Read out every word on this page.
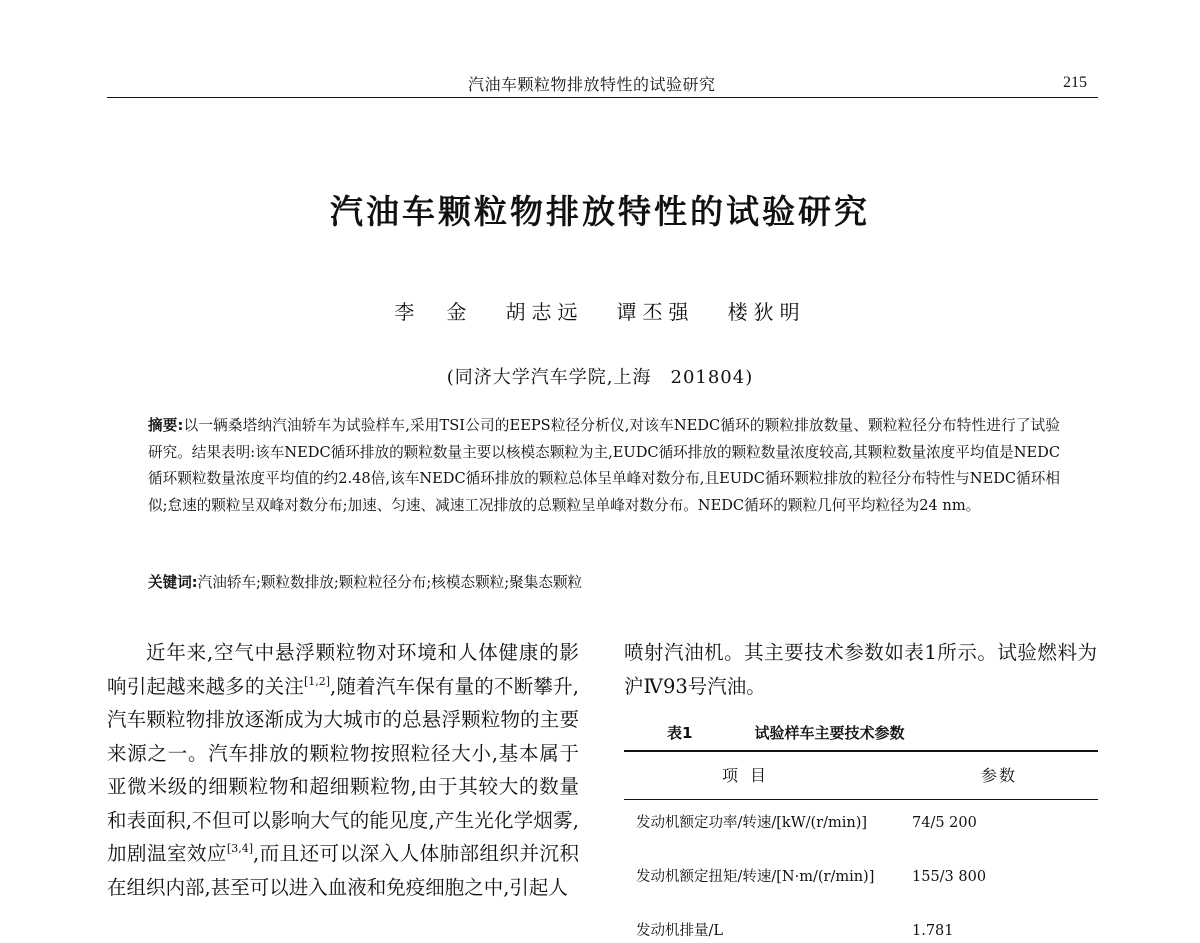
汽油车颗粒物排放特性的试验研究	215
汽油车颗粒物排放特性的试验研究
李　金 胡志远 谭丕强 楼狄明
(同济大学汽车学院,上海　201804)
摘要:以一辆桑塔纳汽油轿车为试验样车,采用TSI公司的EEPS粒径分析仪,对该车NEDC循环的颗粒排放数量、颗粒粒径分布特性进行了试验研究。结果表明:该车NEDC循环排放的颗粒数量主要以核模态颗粒为主,EUDC循环排放的颗粒数量浓度较高,其颗粒数量浓度平均值是NEDC循环颗粒数量浓度平均值的约2.48倍,该车NEDC循环排放的颗粒总体呈单峰对数分布,且EUDC循环颗粒排放的粒径分布特性与NEDC循环相似;怠速的颗粒呈双峰对数分布;加速、匀速、减速工况排放的总颗粒呈单峰对数分布。NEDC循环的颗粒几何平均粒径为24 nm。
关键词:汽油轿车;颗粒数排放;颗粒粒径分布;核模态颗粒;聚集态颗粒
近年来,空气中悬浮颗粒物对环境和人体健康的影响引起越来越多的关注[1,2],随着汽车保有量的不断攀升,汽车颗粒物排放逐渐成为大城市的总悬浮颗粒物的主要来源之一。汽车排放的颗粒物按照粒径大小,基本属于亚微米级的细颗粒物和超细颗粒物,由于其较大的数量和表面积,不但可以影响大气的能见度,产生光化学烟雾,加剧温室效应[3,4],而且还可以深入人体肺部组织并沉积在组织内部,甚至可以进入血液和免疫细胞之中,引起人
喷射汽油机。其主要技术参数如表1所示。试验燃料为沪Ⅳ93号汽油。
表1	试验样车主要技术参数
项目	参数
发动机额定功率/转速/[kW/(r/min)]	74/5 200
发动机额定扭矩/转速/[N·m/(r/min)]	155/3 800
发动机排量/L	1.781
